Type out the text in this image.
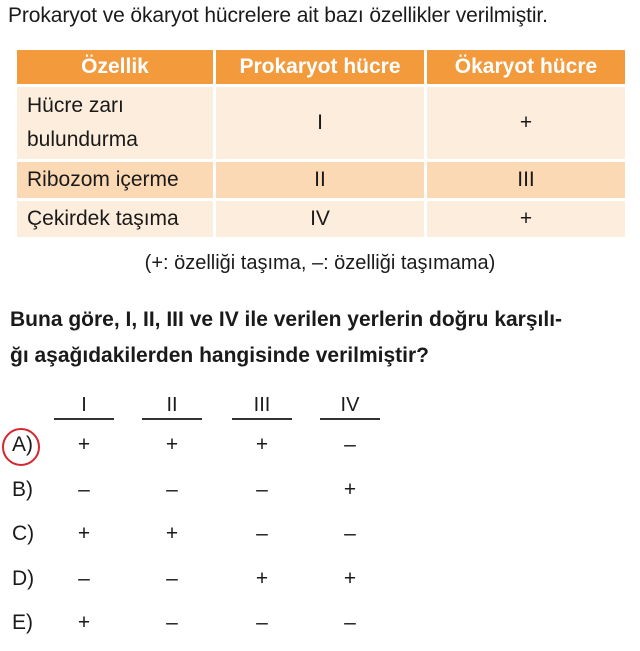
Prokaryot ve ökaryot hücrelere ait bazı özellikler verilmiştir.
Özellik	Prokaryot hücre	Ökaryot hücre
Hücre zarı
bulundurma	I	+
Ribozom içerme	II	III
Çekirdek taşıma	IV	+
(+: özelliği taşıma, –: özelliği taşımama)
Buna göre, I, II, III ve IV ile verilen yerlerin doğru karşılı-
ğı aşağıdakilerden hangisinde verilmiştir?
I	II	III	IV
A)	+	+	+	–
B)	–	–	–	+
C)	+	+	–	–
D)	–	–	+	+
E)	+	–	–	–
